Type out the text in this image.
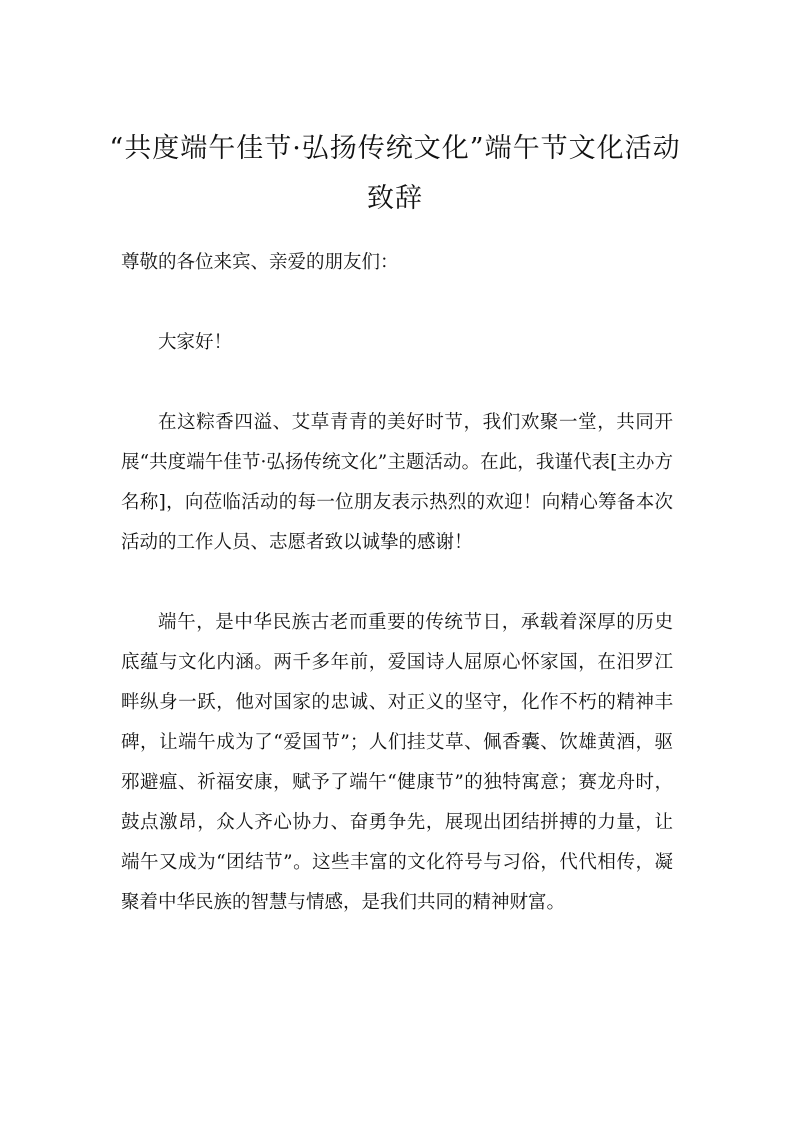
“共度端午佳节·弘扬传统文化”端午节文化活动致辞

尊敬的各位来宾、亲爱的朋友们：

大家好！

在这粽香四溢、艾草青青的美好时节，我们欢聚一堂，共同开展“共度端午佳节·弘扬传统文化”主题活动。在此，我谨代表[主办方名称]，向莅临活动的每一位朋友表示热烈的欢迎！向精心筹备本次活动的工作人员、志愿者致以诚挚的感谢！

端午，是中华民族古老而重要的传统节日，承载着深厚的历史底蕴与文化内涵。两千多年前，爱国诗人屈原心怀家国，在汨罗江畔纵身一跃，他对国家的忠诚、对正义的坚守，化作不朽的精神丰碑，让端午成为了“爱国节”；人们挂艾草、佩香囊、饮雄黄酒，驱邪避瘟、祈福安康，赋予了端午“健康节”的独特寓意；赛龙舟时，鼓点激昂，众人齐心协力、奋勇争先，展现出团结拼搏的力量，让端午又成为“团结节”。这些丰富的文化符号与习俗，代代相传，凝聚着中华民族的智慧与情感，是我们共同的精神财富。
